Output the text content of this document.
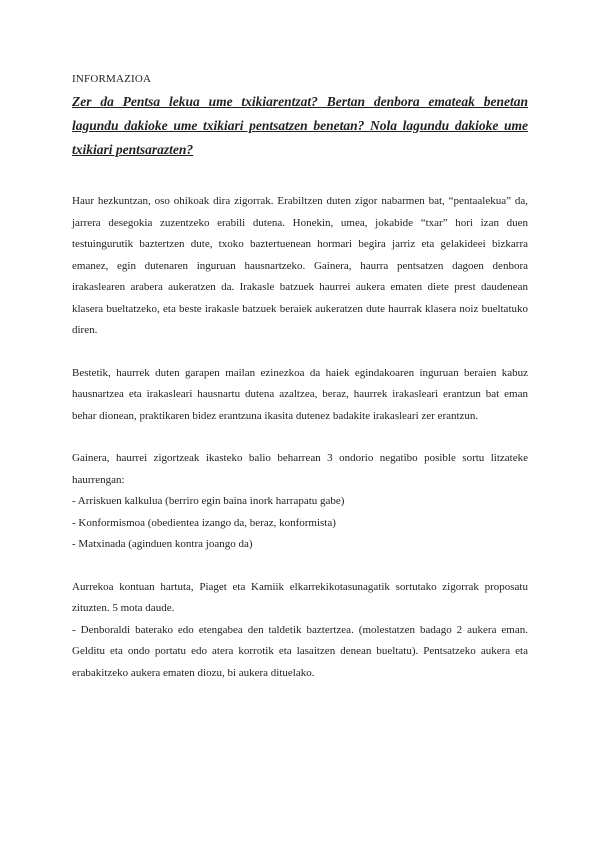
INFORMAZIOA

Zer da Pentsa lekua ume txikiarentzat? Bertan denbora emateak benetan lagundu dakioke ume txikiari pentsatzen benetan? Nola lagundu dakioke ume txikiari pentsarazten?

Haur hezkuntzan, oso ohikoak dira zigorrak. Erabiltzen duten zigor nabarmen bat, “pentaalekua” da, jarrera desegokia zuzentzeko erabili dutena. Honekin, umea, jokabide “txar” hori izan duen testuingurutik baztertzen dute, txoko baztertuenean hormari begira jarriz eta gelakideei bizkarra emanez, egin dutenaren inguruan hausnartzeko. Gainera, haurra pentsatzen dagoen denbora irakaslearen arabera aukeratzen da. Irakasle batzuek haurrei aukera ematen diete prest daudenean klasera bueltatzeko, eta beste irakasle batzuek beraiek aukeratzen dute haurrak klasera noiz bueltatuko diren.

Bestetik, haurrek duten garapen mailan ezinezkoa da haiek egindakoaren inguruan beraien kabuz hausnartzea eta irakasleari hausnartu dutena azaltzea, beraz, haurrek irakasleari erantzun bat eman behar dionean, praktikaren bidez erantzuna ikasita dutenez badakite irakasleari zer erantzun.

Gainera, haurrei zigortzeak ikasteko balio beharrean 3 ondorio negatibo posible sortu litzateke haurrengan:

- Arriskuen kalkulua (berriro egin baina inork harrapatu gabe)
- Konformismoa (obedientea izango da, beraz, konformista)
- Matxinada (aginduen kontra joango da)

Aurrekoa kontuan hartuta, Piaget eta Kamiik elkarrekikotasunagatik sortutako zigorrak proposatu zituzten. 5 mota daude.

- Denboraldi baterako edo etengabea den taldetik baztertzea. (molestatzen badago 2 aukera eman. Gelditu eta ondo portatu edo atera korrotik eta lasaitzen denean bueltatu). Pentsatzeko aukera eta erabakitzeko aukera ematen diozu, bi aukera dituelako.
